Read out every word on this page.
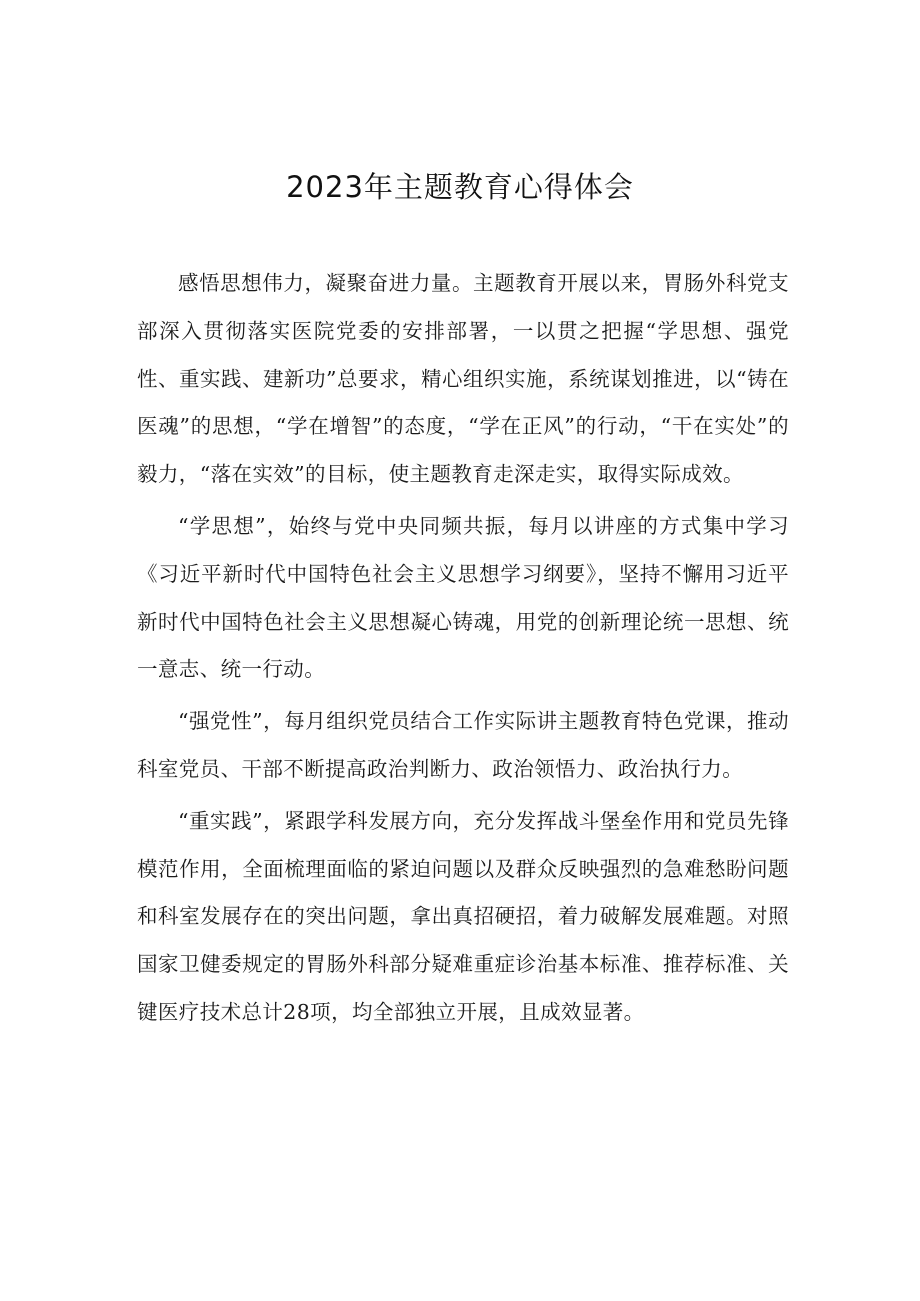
2023年主题教育心得体会

感悟思想伟力，凝聚奋进力量。主题教育开展以来，胃肠外科党支部深入贯彻落实医院党委的安排部署，一以贯之把握“学思想、强党性、重实践、建新功”总要求，精心组织实施，系统谋划推进，以“铸在医魂”的思想，“学在增智”的态度，“学在正风”的行动，“干在实处”的毅力，“落在实效”的目标，使主题教育走深走实，取得实际成效。

“学思想”，始终与党中央同频共振，每月以讲座的方式集中学习《习近平新时代中国特色社会主义思想学习纲要》，坚持不懈用习近平新时代中国特色社会主义思想凝心铸魂，用党的创新理论统一思想、统一意志、统一行动。

“强党性”，每月组织党员结合工作实际讲主题教育特色党课，推动科室党员、干部不断提高政治判断力、政治领悟力、政治执行力。

“重实践”，紧跟学科发展方向，充分发挥战斗堡垒作用和党员先锋模范作用，全面梳理面临的紧迫问题以及群众反映强烈的急难愁盼问题和科室发展存在的突出问题，拿出真招硬招，着力破解发展难题。对照国家卫健委规定的胃肠外科部分疑难重症诊治基本标准、推荐标准、关键医疗技术总计28项，均全部独立开展，且成效显著。
